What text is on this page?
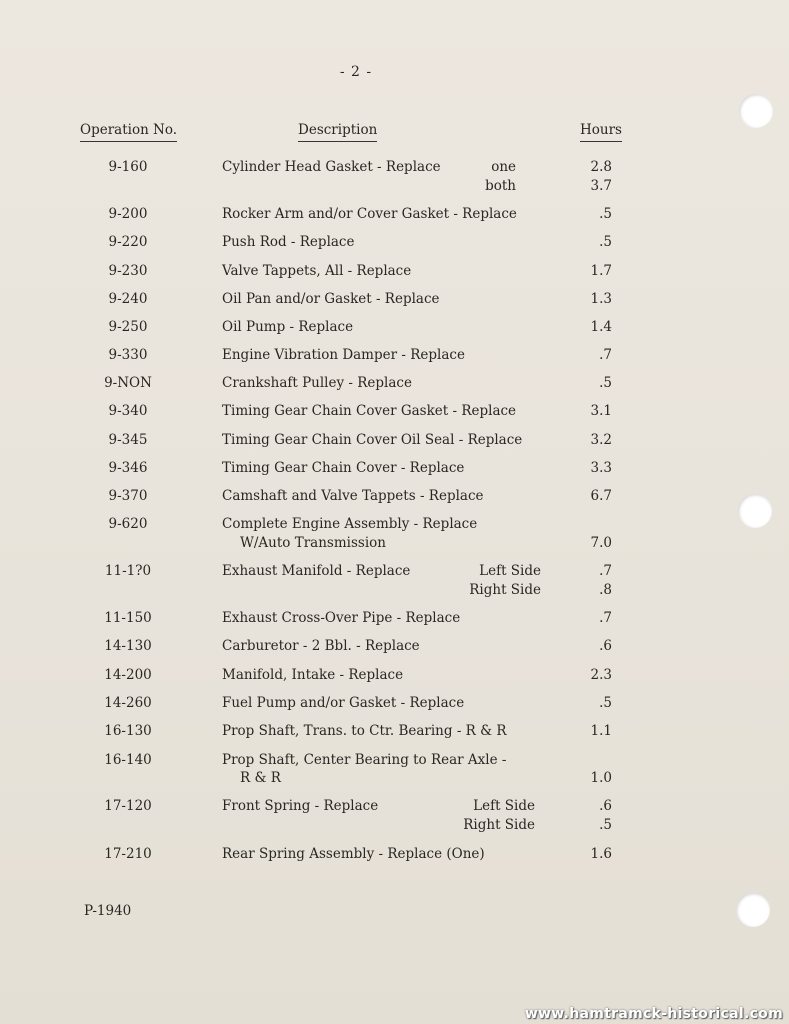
- 2 -
Operation No.	Description	Hours
9-160	Cylinder Head Gasket - Replace	one	2.8
both	3.7
9-200	Rocker Arm and/or Cover Gasket - Replace	.5
9-220	Push Rod - Replace	.5
9-230	Valve Tappets, All - Replace	1.7
9-240	Oil Pan and/or Gasket - Replace	1.3
9-250	Oil Pump - Replace	1.4
9-330	Engine Vibration Damper - Replace	.7
9-NON	Crankshaft Pulley - Replace	.5
9-340	Timing Gear Chain Cover Gasket - Replace	3.1
9-345	Timing Gear Chain Cover Oil Seal - Replace	3.2
9-346	Timing Gear Chain Cover - Replace	3.3
9-370	Camshaft and Valve Tappets - Replace	6.7
9-620	Complete Engine Assembly - Replace
W/Auto Transmission	7.0
11-1?0	Exhaust Manifold - Replace	Left Side	.7
Right Side	.8
11-150	Exhaust Cross-Over Pipe - Replace	.7
14-130	Carburetor - 2 Bbl. - Replace	.6
14-200	Manifold, Intake - Replace	2.3
14-260	Fuel Pump and/or Gasket - Replace	.5
16-130	Prop Shaft, Trans. to Ctr. Bearing - R & R	1.1
16-140	Prop Shaft, Center Bearing to Rear Axle -
R & R	1.0
17-120	Front Spring - Replace	Left Side	.6
Right Side	.5
17-210	Rear Spring Assembly - Replace (One)	1.6
P-1940
www.hamtramck-historical.com
